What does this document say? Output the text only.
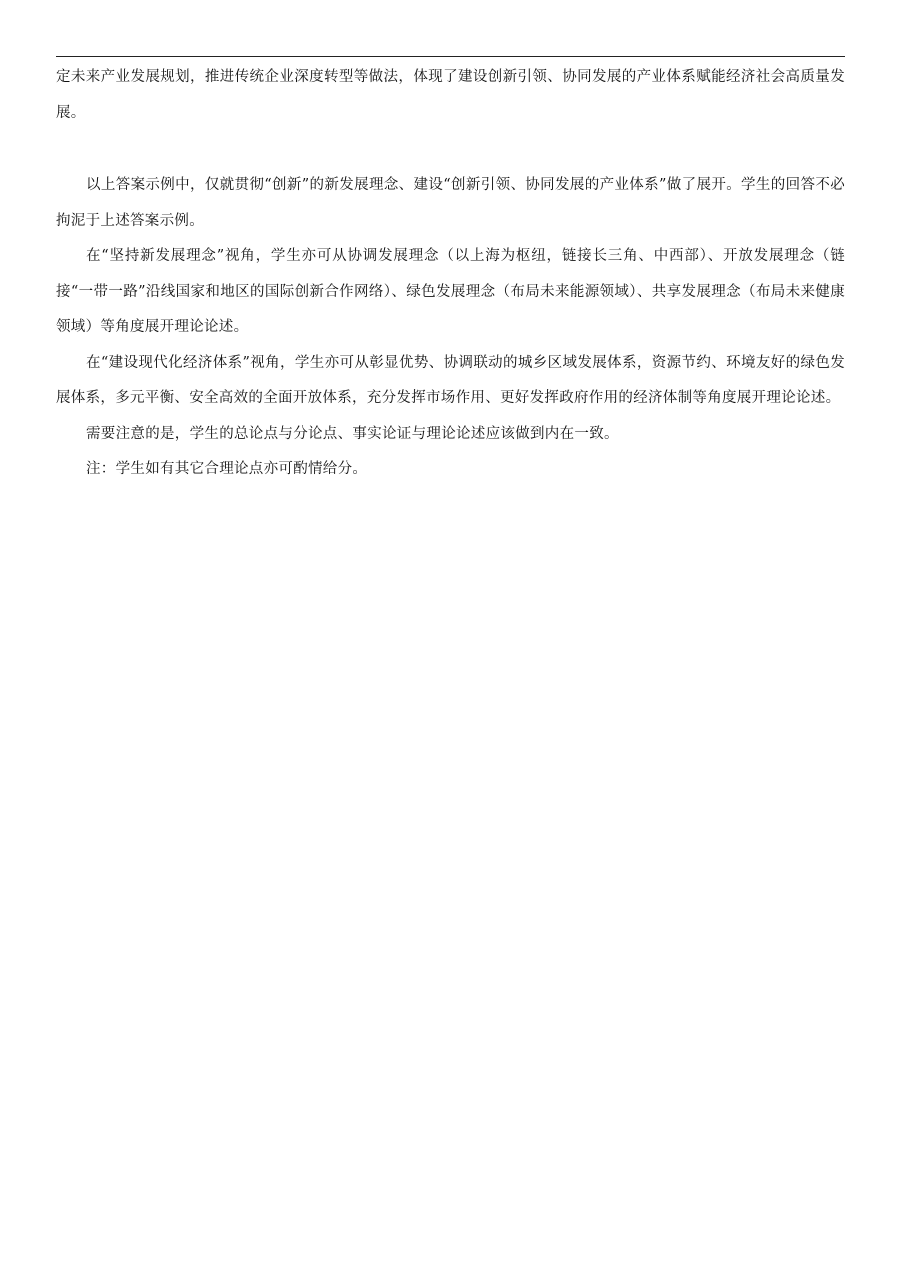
定未来产业发展规划，推进传统企业深度转型等做法，体现了建设创新引领、协同发展的产业体系赋能经济社会高质量发展。

以上答案示例中，仅就贯彻“创新”的新发展理念、建设“创新引领、协同发展的产业体系”做了展开。学生的回答不必拘泥于上述答案示例。

在“坚持新发展理念”视角，学生亦可从协调发展理念（以上海为枢纽，链接长三角、中西部）、开放发展理念（链接“一带一路”沿线国家和地区的国际创新合作网络）、绿色发展理念（布局未来能源领域）、共享发展理念（布局未来健康领域）等角度展开理论论述。

在“建设现代化经济体系”视角，学生亦可从彰显优势、协调联动的城乡区域发展体系，资源节约、环境友好的绿色发展体系，多元平衡、安全高效的全面开放体系，充分发挥市场作用、更好发挥政府作用的经济体制等角度展开理论论述。

需要注意的是，学生的总论点与分论点、事实论证与理论论述应该做到内在一致。

注：学生如有其它合理论点亦可酌情给分。
